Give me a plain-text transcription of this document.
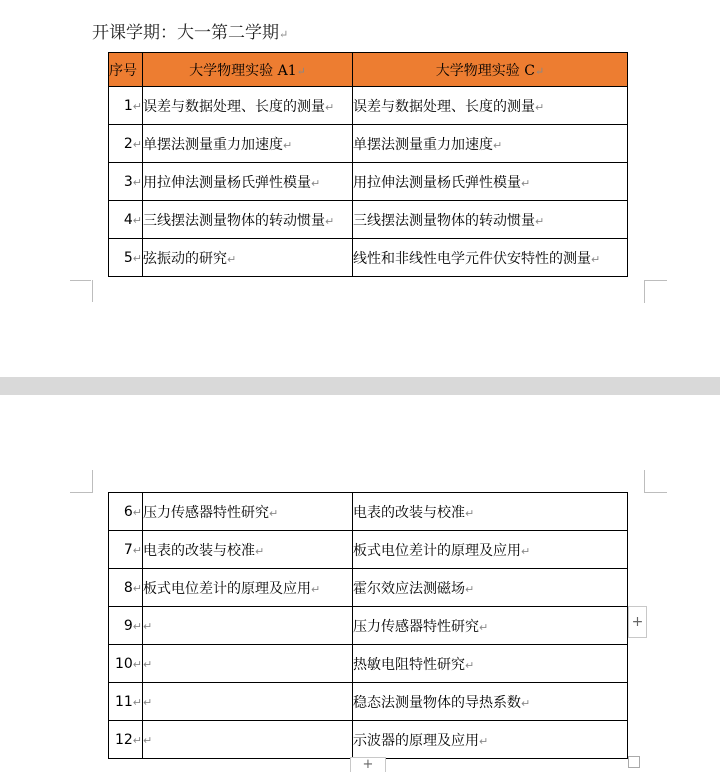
开课学期：大一第二学期↵
序号	大学物理实验 A1↵	大学物理实验 C↵
1↵	误差与数据处理、长度的测量↵	误差与数据处理、长度的测量↵
2↵	单摆法测量重力加速度↵	单摆法测量重力加速度↵
3↵	用拉伸法测量杨氏弹性模量↵	用拉伸法测量杨氏弹性模量↵
4↵	三线摆法测量物体的转动惯量↵	三线摆法测量物体的转动惯量↵
5↵	弦振动的研究↵	线性和非线性电学元件伏安特性的测量↵
6↵	压力传感器特性研究↵	电表的改装与校准↵
7↵	电表的改装与校准↵	板式电位差计的原理及应用↵
8↵	板式电位差计的原理及应用↵	霍尔效应法测磁场↵
9↵	↵	压力传感器特性研究↵
10↵	↵	热敏电阻特性研究↵
11↵	↵	稳态法测量物体的导热系数↵
12↵	↵	示波器的原理及应用↵
+
+
